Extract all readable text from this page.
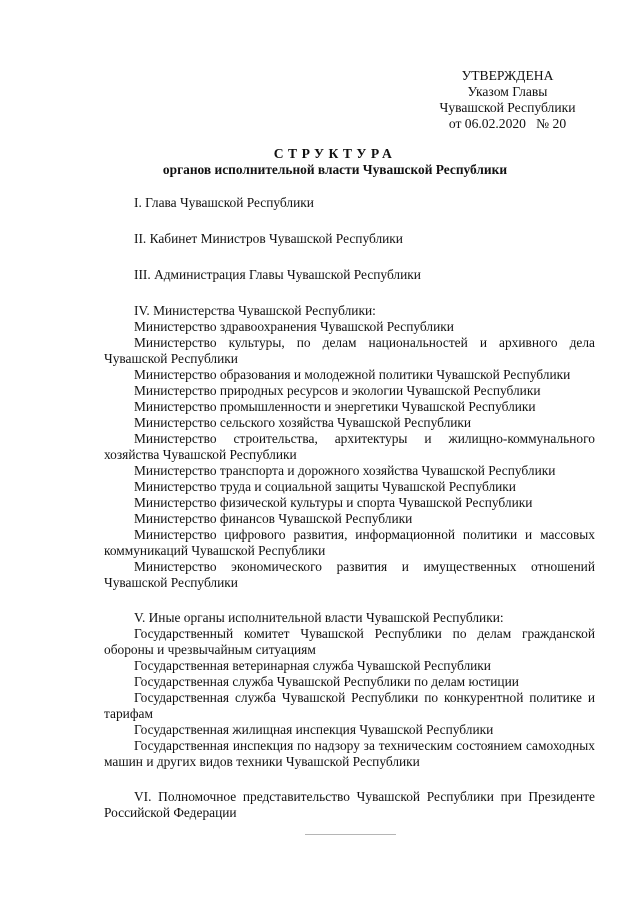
УТВЕРЖДЕНА
Указом Главы
Чувашской Республики
от 06.02.2020   № 20
СТРУКТУРА
органов исполнительной власти Чувашской Республики

I. Глава Чувашской Республики

II. Кабинет Министров Чувашской Республики

III. Администрация Главы Чувашской Республики

IV. Министерства Чувашской Республики:

Министерство здравоохранения Чувашской Республики

Министерство культуры, по делам национальностей и архивного дела Чувашской Республики

Министерство образования и молодежной политики Чувашской Республики

Министерство природных ресурсов и экологии Чувашской Республики

Министерство промышленности и энергетики Чувашской Республики

Министерство сельского хозяйства Чувашской Республики

Министерство строительства, архитектуры и жилищно-коммунального хозяйства Чувашской Республики

Министерство транспорта и дорожного хозяйства Чувашской Республики

Министерство труда и социальной защиты Чувашской Республики

Министерство физической культуры и спорта Чувашской Республики

Министерство финансов Чувашской Республики

Министерство цифрового развития, информационной политики и массовых коммуникаций Чувашской Республики

Министерство экономического развития и имущественных отношений Чувашской Республики

V. Иные органы исполнительной власти Чувашской Республики:

Государственный комитет Чувашской Республики по делам гражданской обороны и чрезвычайным ситуациям

Государственная ветеринарная служба Чувашской Республики

Государственная служба Чувашской Республики по делам юстиции

Государственная служба Чувашской Республики по конкурентной политике и тарифам

Государственная жилищная инспекция Чувашской Республики

Государственная инспекция по надзору за техническим состоянием самоходных машин и других видов техники Чувашской Республики

VI. Полномочное представительство Чувашской Республики при Президенте Российской Федерации
